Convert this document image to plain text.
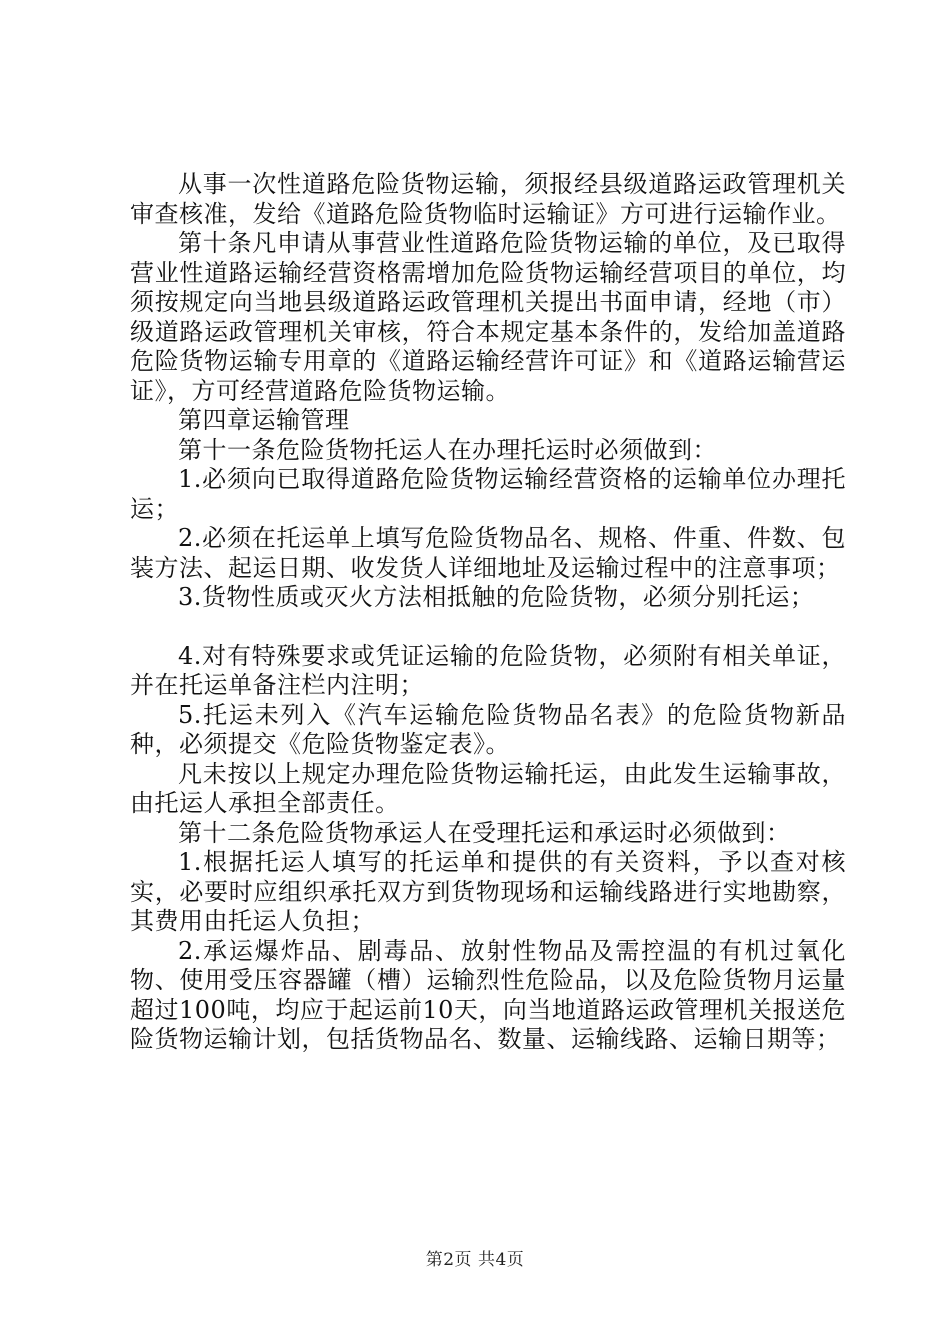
从事一次性道路危险货物运输，须报经县级道路运政管理机关审查核准，发给《道路危险货物临时运输证》方可进行运输作业。

第十条凡申请从事营业性道路危险货物运输的单位，及已取得营业性道路运输经营资格需增加危险货物运输经营项目的单位，均须按规定向当地县级道路运政管理机关提出书面申请，经地（市）级道路运政管理机关审核，符合本规定基本条件的，发给加盖道路危险货物运输专用章的《道路运输经营许可证》和《道路运输营运证》，方可经营道路危险货物运输。

第四章运输管理

第十一条危险货物托运人在办理托运时必须做到：

1.必须向已取得道路危险货物运输经营资格的运输单位办理托运；

2.必须在托运单上填写危险货物品名、规格、件重、件数、包装方法、起运日期、收发货人详细地址及运输过程中的注意事项；

3.货物性质或灭火方法相抵触的危险货物，必须分别托运；

4.对有特殊要求或凭证运输的危险货物，必须附有相关单证，并在托运单备注栏内注明；

5.托运未列入《汽车运输危险货物品名表》的危险货物新品种，必须提交《危险货物鉴定表》。

凡未按以上规定办理危险货物运输托运，由此发生运输事故，由托运人承担全部责任。

第十二条危险货物承运人在受理托运和承运时必须做到：

1.根据托运人填写的托运单和提供的有关资料，予以查对核实，必要时应组织承托双方到货物现场和运输线路进行实地勘察，其费用由托运人负担；

2.承运爆炸品、剧毒品、放射性物品及需控温的有机过氧化物、使用受压容器罐（槽）运输烈性危险品，以及危险货物月运量超过100吨，均应于起运前10天，向当地道路运政管理机关报送危险货物运输计划，包括货物品名、数量、运输线路、运输日期等；

第2页 共4页
